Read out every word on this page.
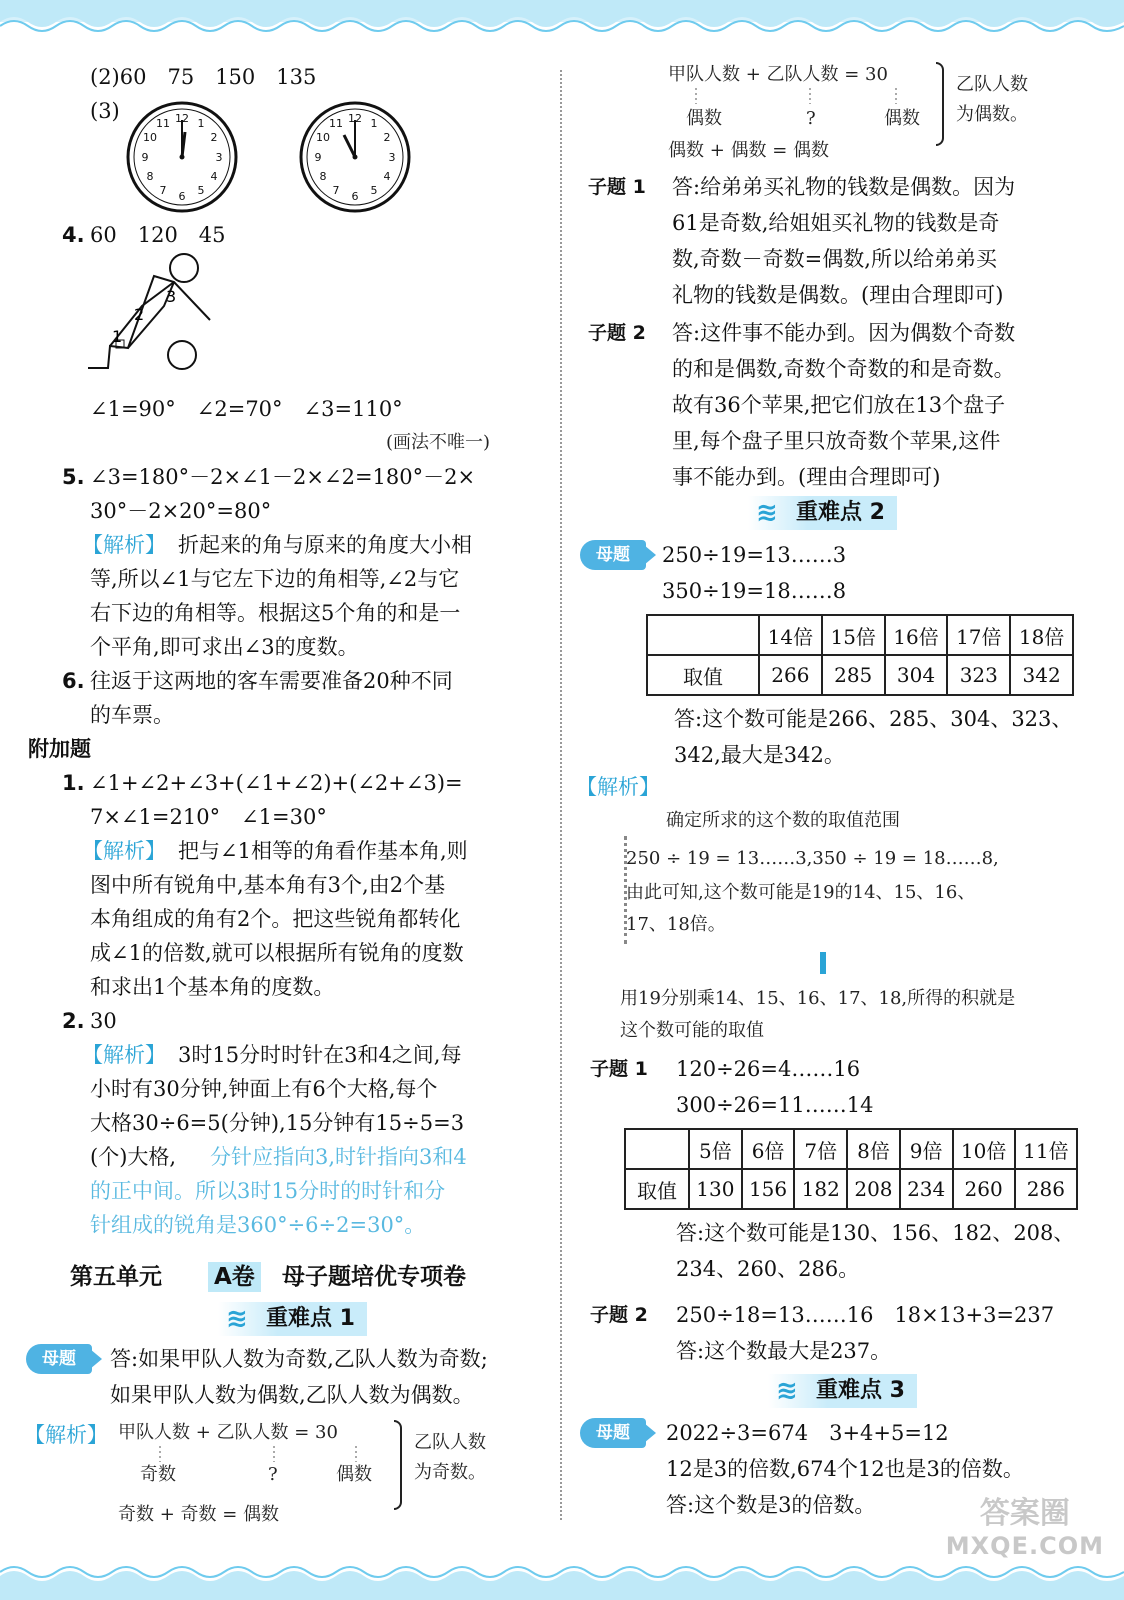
(2)60　75　150　135
(3)	12 1
2
3
4
5
6
7
8
9
10
11	12 1
2
3
4
5
6
7
8
9
10
11
4. 60　120　45
1
2
3
∠1=90°　∠2=70°　∠3=110°
(画法不唯一)
5. ∠3=180°－2×∠1－2×∠2=180°－2×
30°－2×20°=80°
【解析】 折起来的角与原来的角度大小相
等,所以∠1与它左下边的角相等,∠2与它
右下边的角相等。根据这5个角的和是一
个平角,即可求出∠3的度数。
6. 往返于这两地的客车需要准备20种不同
的车票。
附加题
1. ∠1+∠2+∠3+(∠1+∠2)+(∠2+∠3)=
7×∠1=210°　∠1=30°
【解析】 把与∠1相等的角看作基本角,则
图中所有锐角中,基本角有3个,由2个基
本角组成的角有2个。把这些锐角都转化
成∠1的倍数,就可以根据所有锐角的度数
和求出1个基本角的度数。
2. 30
【解析】 3时15分时时针在3和4之间,每
小时有30分钟,钟面上有6个大格,每个
大格30÷6=5(分钟),15分钟有15÷5=3
(个)大格, 分针应指向3,时针指向3和4
的正中间。所以3时15分时的时针和分
针组成的锐角是360°÷6÷2=30°。
第五单元 A卷 母子题培优专项卷
≋ 重难点 1
母题	答:如果甲队人数为奇数,乙队人数为奇数;
如果甲队人数为偶数,乙队人数为偶数。
【解析】 甲队人数 + 乙队人数 = 30
奇数	?	偶数
奇数 + 奇数 = 偶数
乙队人数
为奇数。
甲队人数 + 乙队人数 = 30
偶数	?	偶数
偶数 + 偶数 = 偶数
乙队人数
为偶数。
子题 1 答:给弟弟买礼物的钱数是偶数。因为
61是奇数,给姐姐买礼物的钱数是奇
数,奇数－奇数=偶数,所以给弟弟买
礼物的钱数是偶数。(理由合理即可)
子题 2 答:这件事不能办到。因为偶数个奇数
的和是偶数,奇数个奇数的和是奇数。
故有36个苹果,把它们放在13个盘子
里,每个盘子里只放奇数个苹果,这件
事不能办到。(理由合理即可)
≋ 重难点 2
母题	250÷19=13……3
350÷19=18……8
	14倍	15倍	16倍	17倍	18倍
取值	266	285	304	323	342
答:这个数可能是266、285、304、323、
342,最大是342。
【解析】
确定所求的这个数的取值范围
250 ÷ 19 = 13……3,350 ÷ 19 = 18……8,
由此可知,这个数可能是19的14、15、16、
17、18倍。
用19分别乘14、15、16、17、18,所得的积就是
这个数可能的取值
子题 1 120÷26=4……16
300÷26=11……14
	5倍	6倍	7倍	8倍	9倍	10倍	11倍
取值	130	156	182	208	234	260	286
答:这个数可能是130、156、182、208、
234、260、286。
子题 2 250÷18=13……16　18×13+3=237
答:这个数最大是237。
≋ 重难点 3
母题	2022÷3=674　3+4+5=12
12是3的倍数,674个12也是3的倍数。
答:这个数是3的倍数。	答案圈
MXQE.COM
